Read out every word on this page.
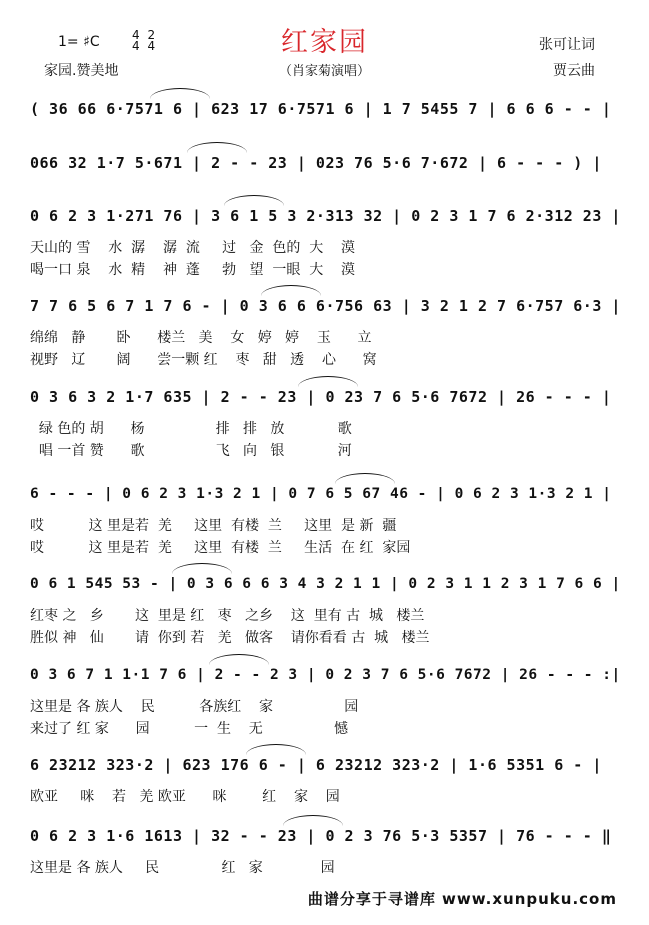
红家园
（肖家菊演唱）
1= ♯C	4
4

2
4
家园.赞美地
张可让词
贾云曲
( 36 66 6·7571 6 | 623 17 6·7571 6 | 1 7 5455 7 | 6 6 6 - - |
066 32 1·7 5·671 | 2 - - 23 | 023 76 5·6 7·672 | 6 - - - ) |
0 6 2 3 1·271 76 | 3 6 1 5 3 2·313 32 | 0 2 3 1 7 6 2·312 23 |
天山的 雪    水  潺    潺  流     过   金  色的  大    漠
喝一口 泉    水  精    神  蓬     勃   望  一眼  大    漠
7 7 6 5 6 7 1 7 6 - | 0 3 6 6 6·756 63 | 3 2 1 2 7 6·757 6·3 |
绵绵   静       卧      楼兰   美    女   婷   婷    玉      立
视野   辽       阔      尝一颗 红    枣   甜   透    心      窝
0 3 6 3 2 1·7 635 | 2 - - 23 | 0 23 7 6 5·6 7672 | 26 - - - |
绿 色的 胡      杨                排   排   放            歌
唱 一首 赞      歌                飞   向   银            河
6 - - - | 0 6 2 3 1·3 2 1 | 0 7 6 5 67 46 - | 0 6 2 3 1·3 2 1 |
哎          这 里是若  羌     这里  有楼  兰     这里  是 新  疆
哎          这 里是若  羌     这里  有楼  兰     生活  在 红  家园
0 6 1 545 53 - | 0 3 6 6 6 3 4 3 2 1 1 | 0 2 3 1 1 2 3 1 7 6 6 |
红枣 之   乡       这  里是 红   枣   之乡    这  里有 古  城   楼兰
胜似 神   仙       请  你到 若   羌   做客    请你看看 古  城   楼兰
0 3 6 7 1 1·1 7 6 | 2 - - 2 3 | 0 2 3 7 6 5·6 7672 | 26 - - - :|
这里是 各 族人    民          各族红    家                园
来过了 红 家      园          一  生    无                憾
6 23212 323·2 | 623 176 6 - | 6 23212 323·2 | 1·6 5351 6 - |
欧亚     咪    若   羌 欧亚      咪        红    家    园
0 6 2 3 1·6 1613 | 32 - - 23 | 0 2 3 76 5·3 5357 | 76 - - - ‖
这里是 各 族人     民              红   家             园
曲谱分享于寻谱库 www.xunpuku.com
